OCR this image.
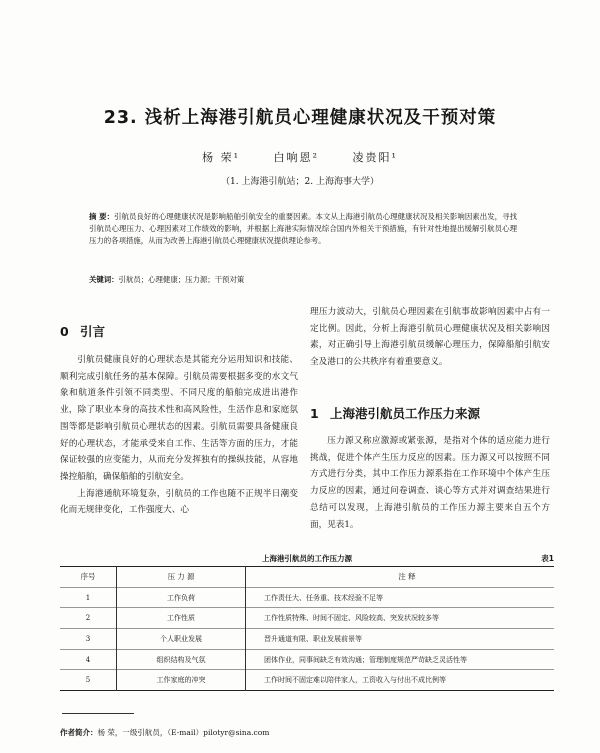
23. 浅析上海港引航员心理健康状况及干预对策
杨 荣¹	白响恩²	凌贵阳¹
（1. 上海港引航站；2. 上海海事大学）
摘 要：引航员良好的心理健康状况是影响船舶引航安全的重要因素。本文从上海港引航员心理健康状况及相关影响因素出发，寻找引航员心理压力、心理因素对工作绩效的影响，并根据上海港实际情况综合国内外相关干预措施，有针对性地提出缓解引航员心理压力的各项措施，从而为改善上海港引航员心理健康状况提供理论参考。
关键词：引航员；心理健康；压力源；干预对策
0 引言

引航员健康良好的心理状态是其能充分运用知识和技能、顺利完成引航任务的基本保障。引航员需要根据多变的水文气象和航道条件引领不同类型、不同尺度的船舶完成进出港作业，除了职业本身的高技术性和高风险性，生活作息和家庭氛围等都是影响引航员心理状态的因素。引航员需要具备健康良好的心理状态，才能承受来自工作、生活等方面的压力，才能保证较强的应变能力，从而充分发挥独有的操纵技能，从容地操控船舶，确保船舶的引航安全。

上海港通航环境复杂，引航员的工作也随不正规半日潮变化而无规律变化，工作强度大、心

理压力波动大，引航员心理因素在引航事故影响因素中占有一定比例。因此，分析上海港引航员心理健康状况及相关影响因素，对正确引导上海港引航员缓解心理压力，保障船舶引航安全及港口的公共秩序有着重要意义。

1 上海港引航员工作压力来源

压力源又称应激源或紧张源，是指对个体的适应能力进行挑战，促进个体产生压力反应的因素。压力源又可以按照不同方式进行分类，其中工作压力源系指在工作环境中个体产生压力反应的因素，通过问卷调查、谈心等方式并对调查结果进行总结可以发现，上海港引航员的工作压力源主要来自五个方面，见表1。

上海港引航员的工作压力源	表1
序号	压 力 源	注 释
1	工作负荷	工作责任大、任务重、技术经验不足等
2	工作性质	工作性质特殊、时间不固定、风险较高、突发状况较多等
3	个人职业发展	晋升通道有限、职业发展前景等
4	组织结构及气氛	团体作业，同事间缺乏有效沟通；管理制度规范严苛缺乏灵活性等
5	工作家庭的冲突	工作时间不固定难以陪伴家人，工资收入与付出不成比例等
作者简介：杨 荣，一级引航员，（E-mail）pilotyr@sina.com
